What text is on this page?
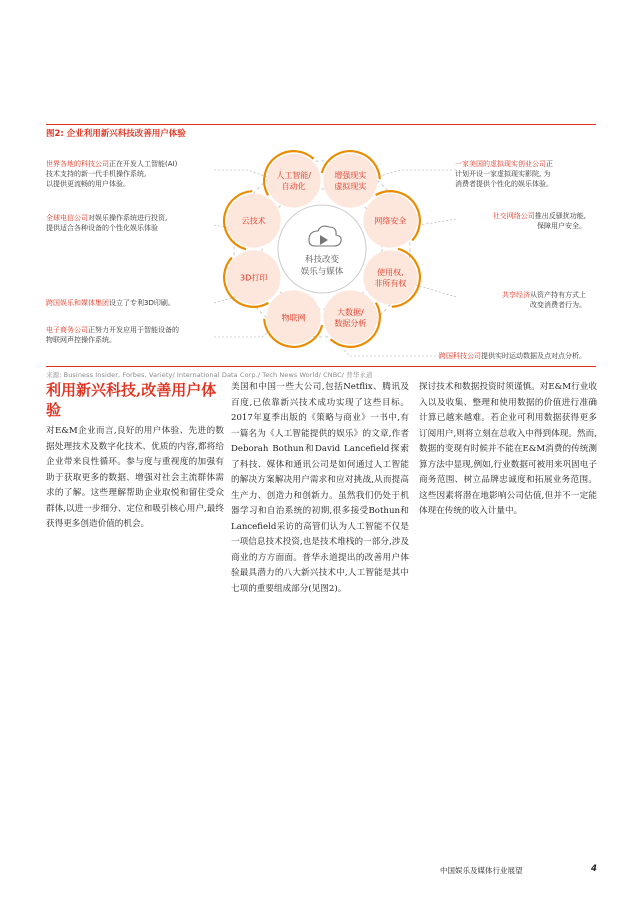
图2: 企业利用新兴科技改善用户体验
科技改变
娱乐与媒体
人工智能/
自动化
增强现实
虚拟现实
网络安全
使用权,
非所有权
大数据/
数据分析
物联网
3D打印
云技术
世界各地的科技公司正在开发人工智能(AI)
技术支持的新一代手机操作系统,
以提供更流畅的用户体验。
全球电信公司对娱乐操作系统进行投资,
提供适合各种设备的个性化娱乐体验
跨国娱乐和媒体集团设立了专利3D印刷。
电子商务公司正努力开发应用于智能设备的
物联网声控操作系统。
一家美国的虚拟现实创业公司正
计划开设一家虚拟现实影院, 为
消费者提供个性化的娱乐体验。
社交网络公司推出反骚扰功能,
保障用户安全。
共享经济从资产持有方式上
改变消费者行为。
跨国科技公司提供实时运动数据及点对点分析。
来源: Business Insider, Forbes, Variety/ International Data Corp./ Tech News World/ CNBC/ 普华永道
利用新兴科技,改善用户体验
对E&M企业而言,良好的用户体验、先进的数据处理技术及数字化技术、优质的内容,都将给企业带来良性循环。参与度与重视度的加强有助于获取更多的数据、增强对社会主流群体需求的了解。这些理解帮助企业取悦和留住受众群体,以进一步细分、定位和吸引核心用户,最终获得更多创造价值的机会。
美国和中国一些大公司,包括Netflix、腾讯及百度,已依靠新兴技术成功实现了这些目标。2017年夏季出版的《策略与商业》一书中,有一篇名为《人工智能提供的娱乐》的文章,作者Deborah Bothun和David Lancefield探索了科技、媒体和通讯公司是如何通过人工智能的解决方案解决用户需求和应对挑战,从而提高生产力、创造力和创新力。虽然我们仍处于机器学习和自治系统的初期,很多接受Bothun和Lancefield采访的高管们认为人工智能不仅是一项信息技术投资,也是技术堆栈的一部分,涉及商业的方方面面。普华永道提出的改善用户体验最具潜力的八大新兴技术中,人工智能是其中七项的重要组成部分(见图2)。
探讨技术和数据投资时须谨慎。对E&M行业收入以及收集、整理和使用数据的价值进行准确计算已越来越难。若企业可利用数据获得更多订阅用户,则将立刻在总收入中得到体现。然而,数据的变现有时候并不能在E&M消费的传统测算方法中显现,例如,行业数据可被用来巩固电子商务范围、树立品牌忠诚度和拓展业务范围。这些因素将潜在地影响公司估值,但并不一定能体现在传统的收入计量中。
中国娱乐及媒体行业展望	4
